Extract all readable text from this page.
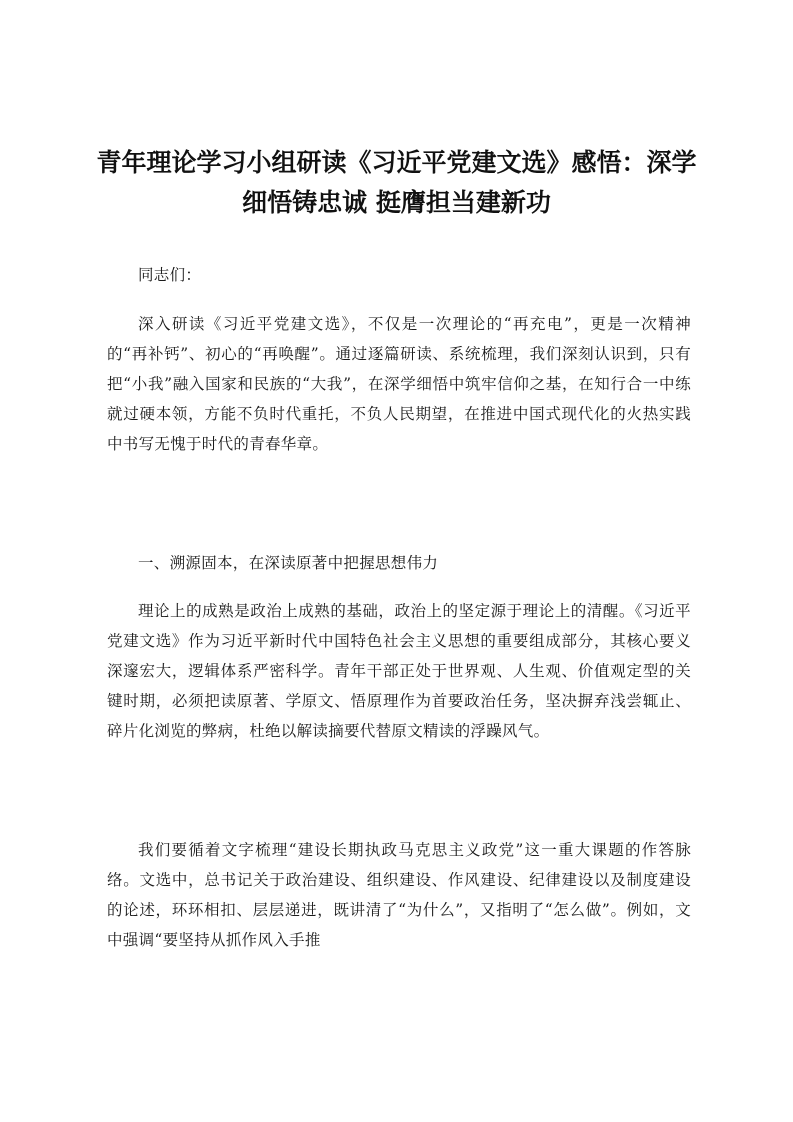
青年理论学习小组研读《习近平党建文选》感悟：深学细悟铸忠诚 挺膺担当建新功

同志们：

深入研读《习近平党建文选》，不仅是一次理论的“再充电”，更是一次精神的“再补钙”、初心的“再唤醒”。通过逐篇研读、系统梳理，我们深刻认识到，只有把“小我”融入国家和民族的“大我”，在深学细悟中筑牢信仰之基，在知行合一中练就过硬本领，方能不负时代重托，不负人民期望，在推进中国式现代化的火热实践中书写无愧于时代的青春华章。

一、溯源固本，在深读原著中把握思想伟力

理论上的成熟是政治上成熟的基础，政治上的坚定源于理论上的清醒。《习近平党建文选》作为习近平新时代中国特色社会主义思想的重要组成部分，其核心要义深邃宏大，逻辑体系严密科学。青年干部正处于世界观、人生观、价值观定型的关键时期，必须把读原著、学原文、悟原理作为首要政治任务，坚决摒弃浅尝辄止、碎片化浏览的弊病，杜绝以解读摘要代替原文精读的浮躁风气。

我们要循着文字梳理“建设长期执政马克思主义政党”这一重大课题的作答脉络。文选中，总书记关于政治建设、组织建设、作风建设、纪律建设以及制度建设的论述，环环相扣、层层递进，既讲清了“为什么”，又指明了“怎么做”。例如，文中强调“要坚持从抓作风入手推
